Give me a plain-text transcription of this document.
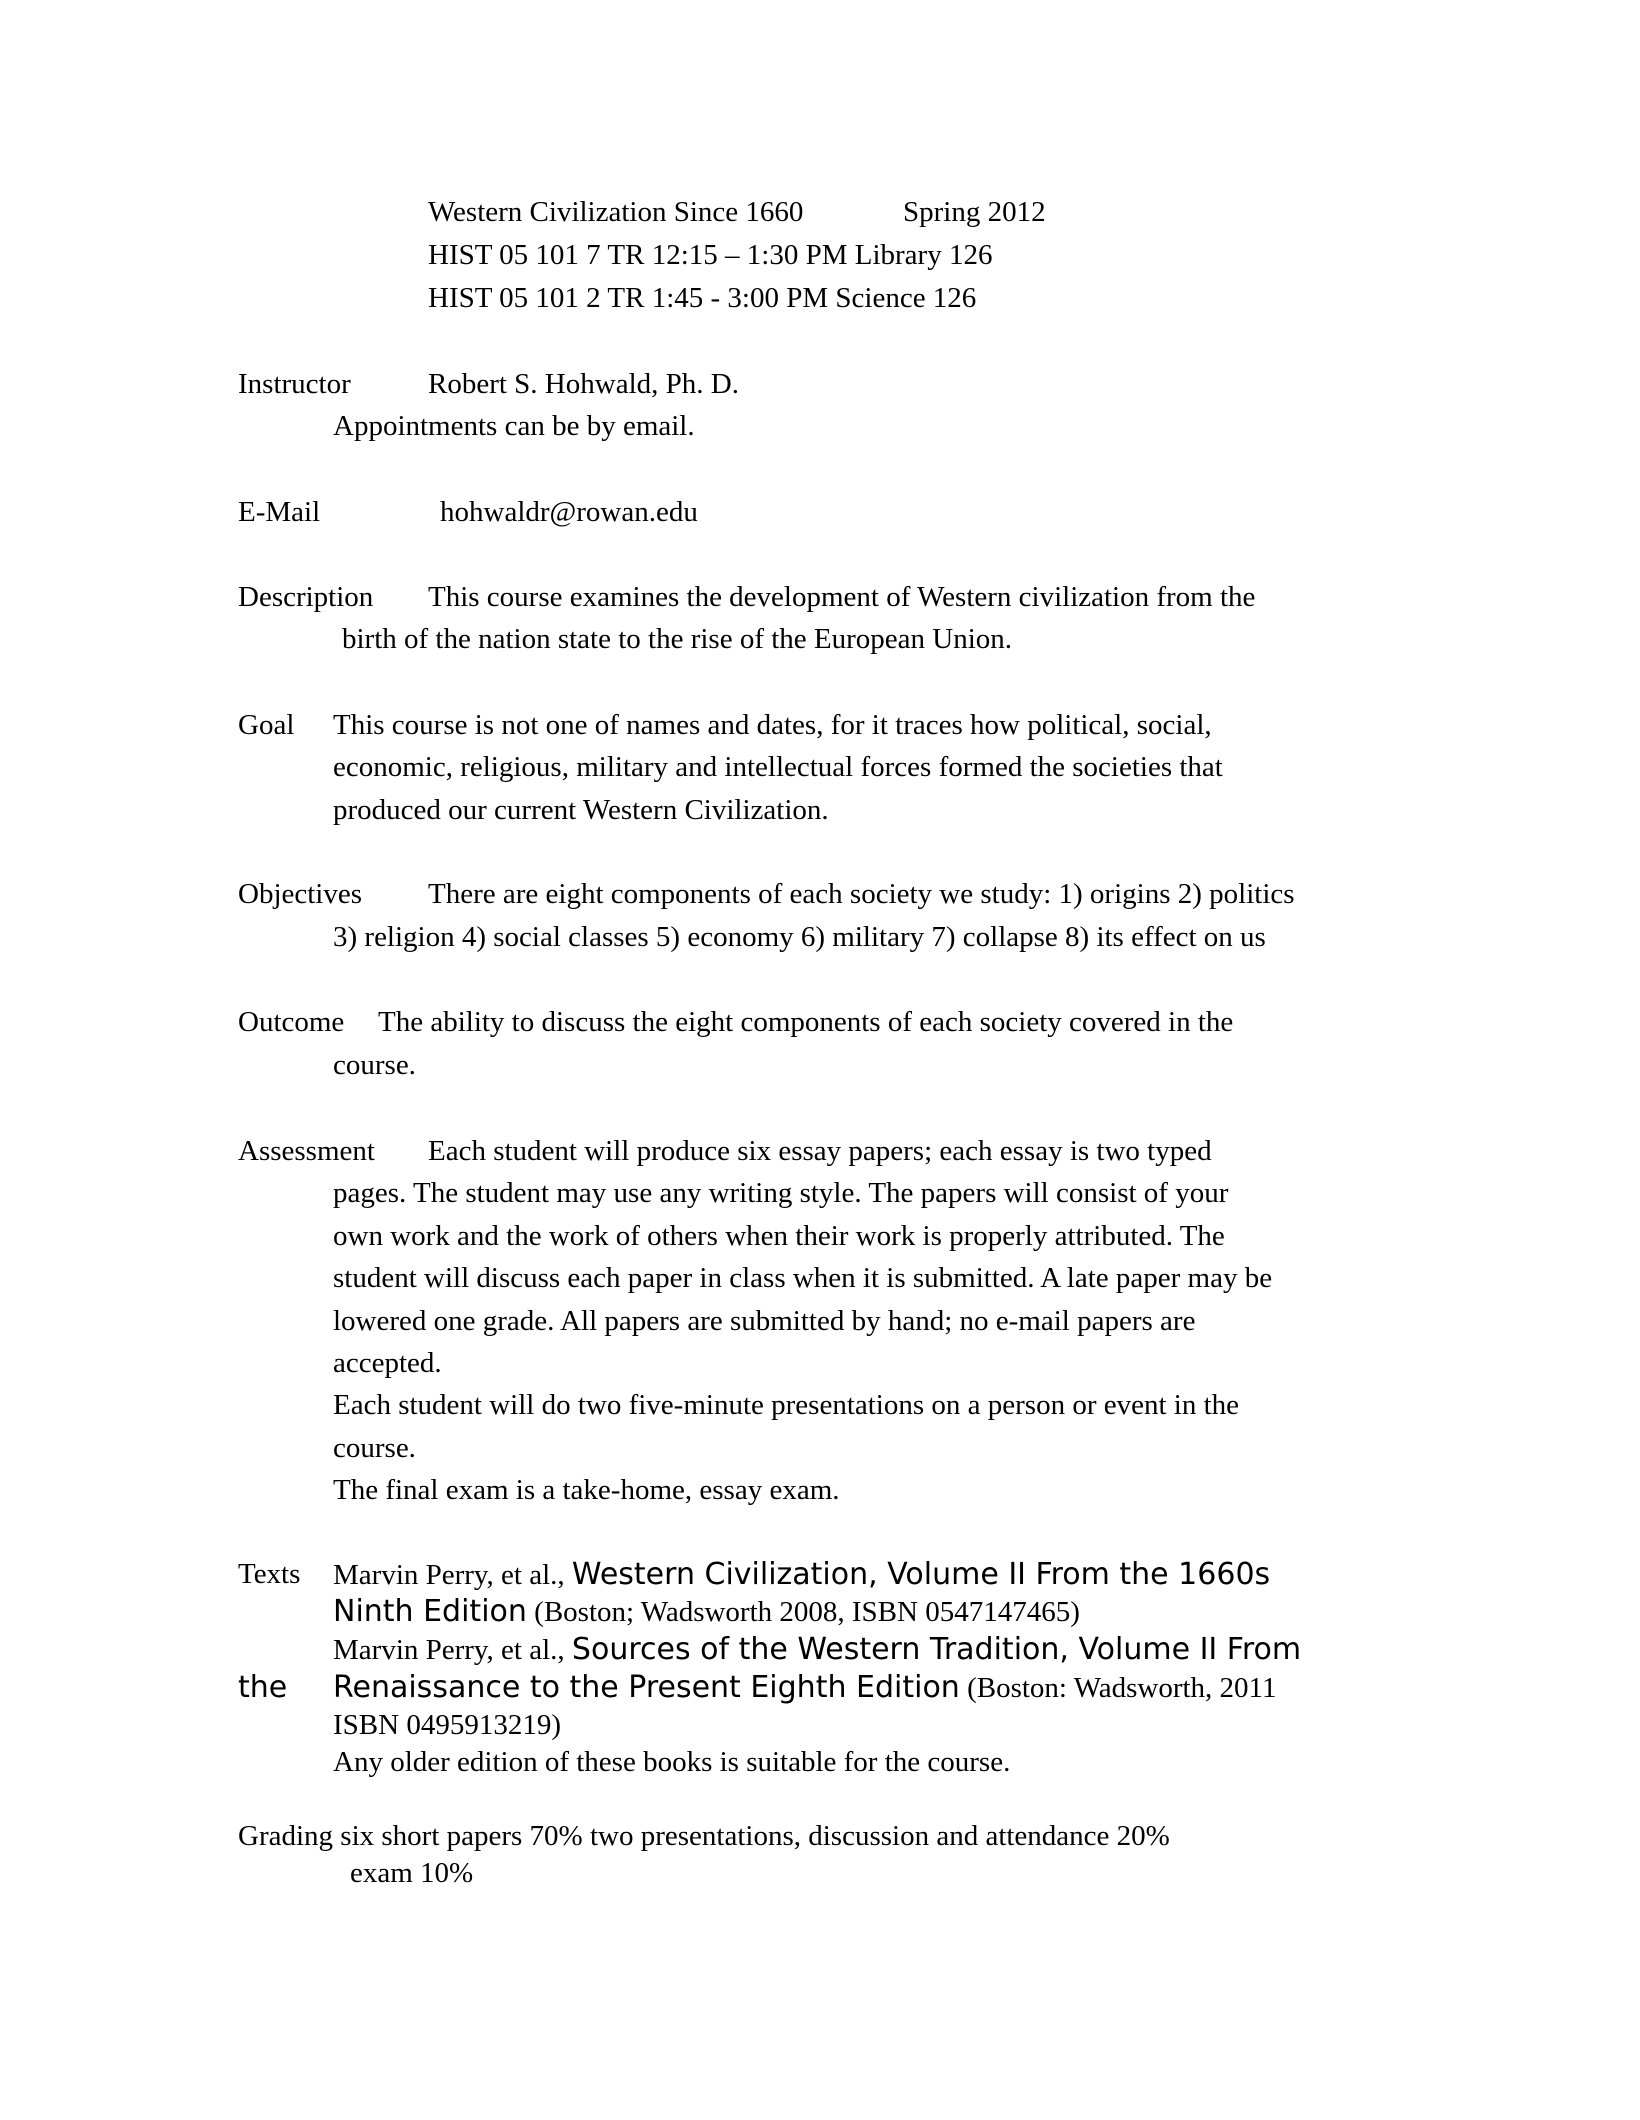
Western Civilization Since 1660	Spring 2012
HIST 05 101 7 TR 12:15 – 1:30 PM Library 126
HIST 05 101 2 TR 1:45 - 3:00 PM Science 126
Instructor	Robert S. Hohwald, Ph. D.
Appointments can be by email.
E-Mail	hohwaldr@rowan.edu
Description This course examines the development of Western civilization from the
birth of the nation state to the rise of the European Union.
Goal This course is not one of names and dates, for it traces how political, social,
economic, religious, military and intellectual forces formed the societies that
produced our current Western Civilization.
Objectives There are eight components of each society we study: 1) origins 2) politics
3) religion 4) social classes 5) economy 6) military 7) collapse 8) its effect on us
Outcome The ability to discuss the eight components of each society covered in the
course.
Assessment Each student will produce six essay papers; each essay is two typed
pages. The student may use any writing style. The papers will consist of your
own work and the work of others when their work is properly attributed. The
student will discuss each paper in class when it is submitted. A late paper may be
lowered one grade. All papers are submitted by hand; no e-mail papers are
accepted.
Each student will do two five-minute presentations on a person or event in the
course.
The final exam is a take-home, essay exam.
Texts Marvin Perry, et al., Western Civilization, Volume II From the 1660s
Ninth Edition (Boston; Wadsworth 2008, ISBN 0547147465)
Marvin Perry, et al., Sources of the Western Tradition, Volume II From
the Renaissance to the Present Eighth Edition (Boston: Wadsworth, 2011
ISBN 0495913219)
Any older edition of these books is suitable for the course.
Grading six short papers 70% two presentations, discussion and attendance 20%
exam 10%
